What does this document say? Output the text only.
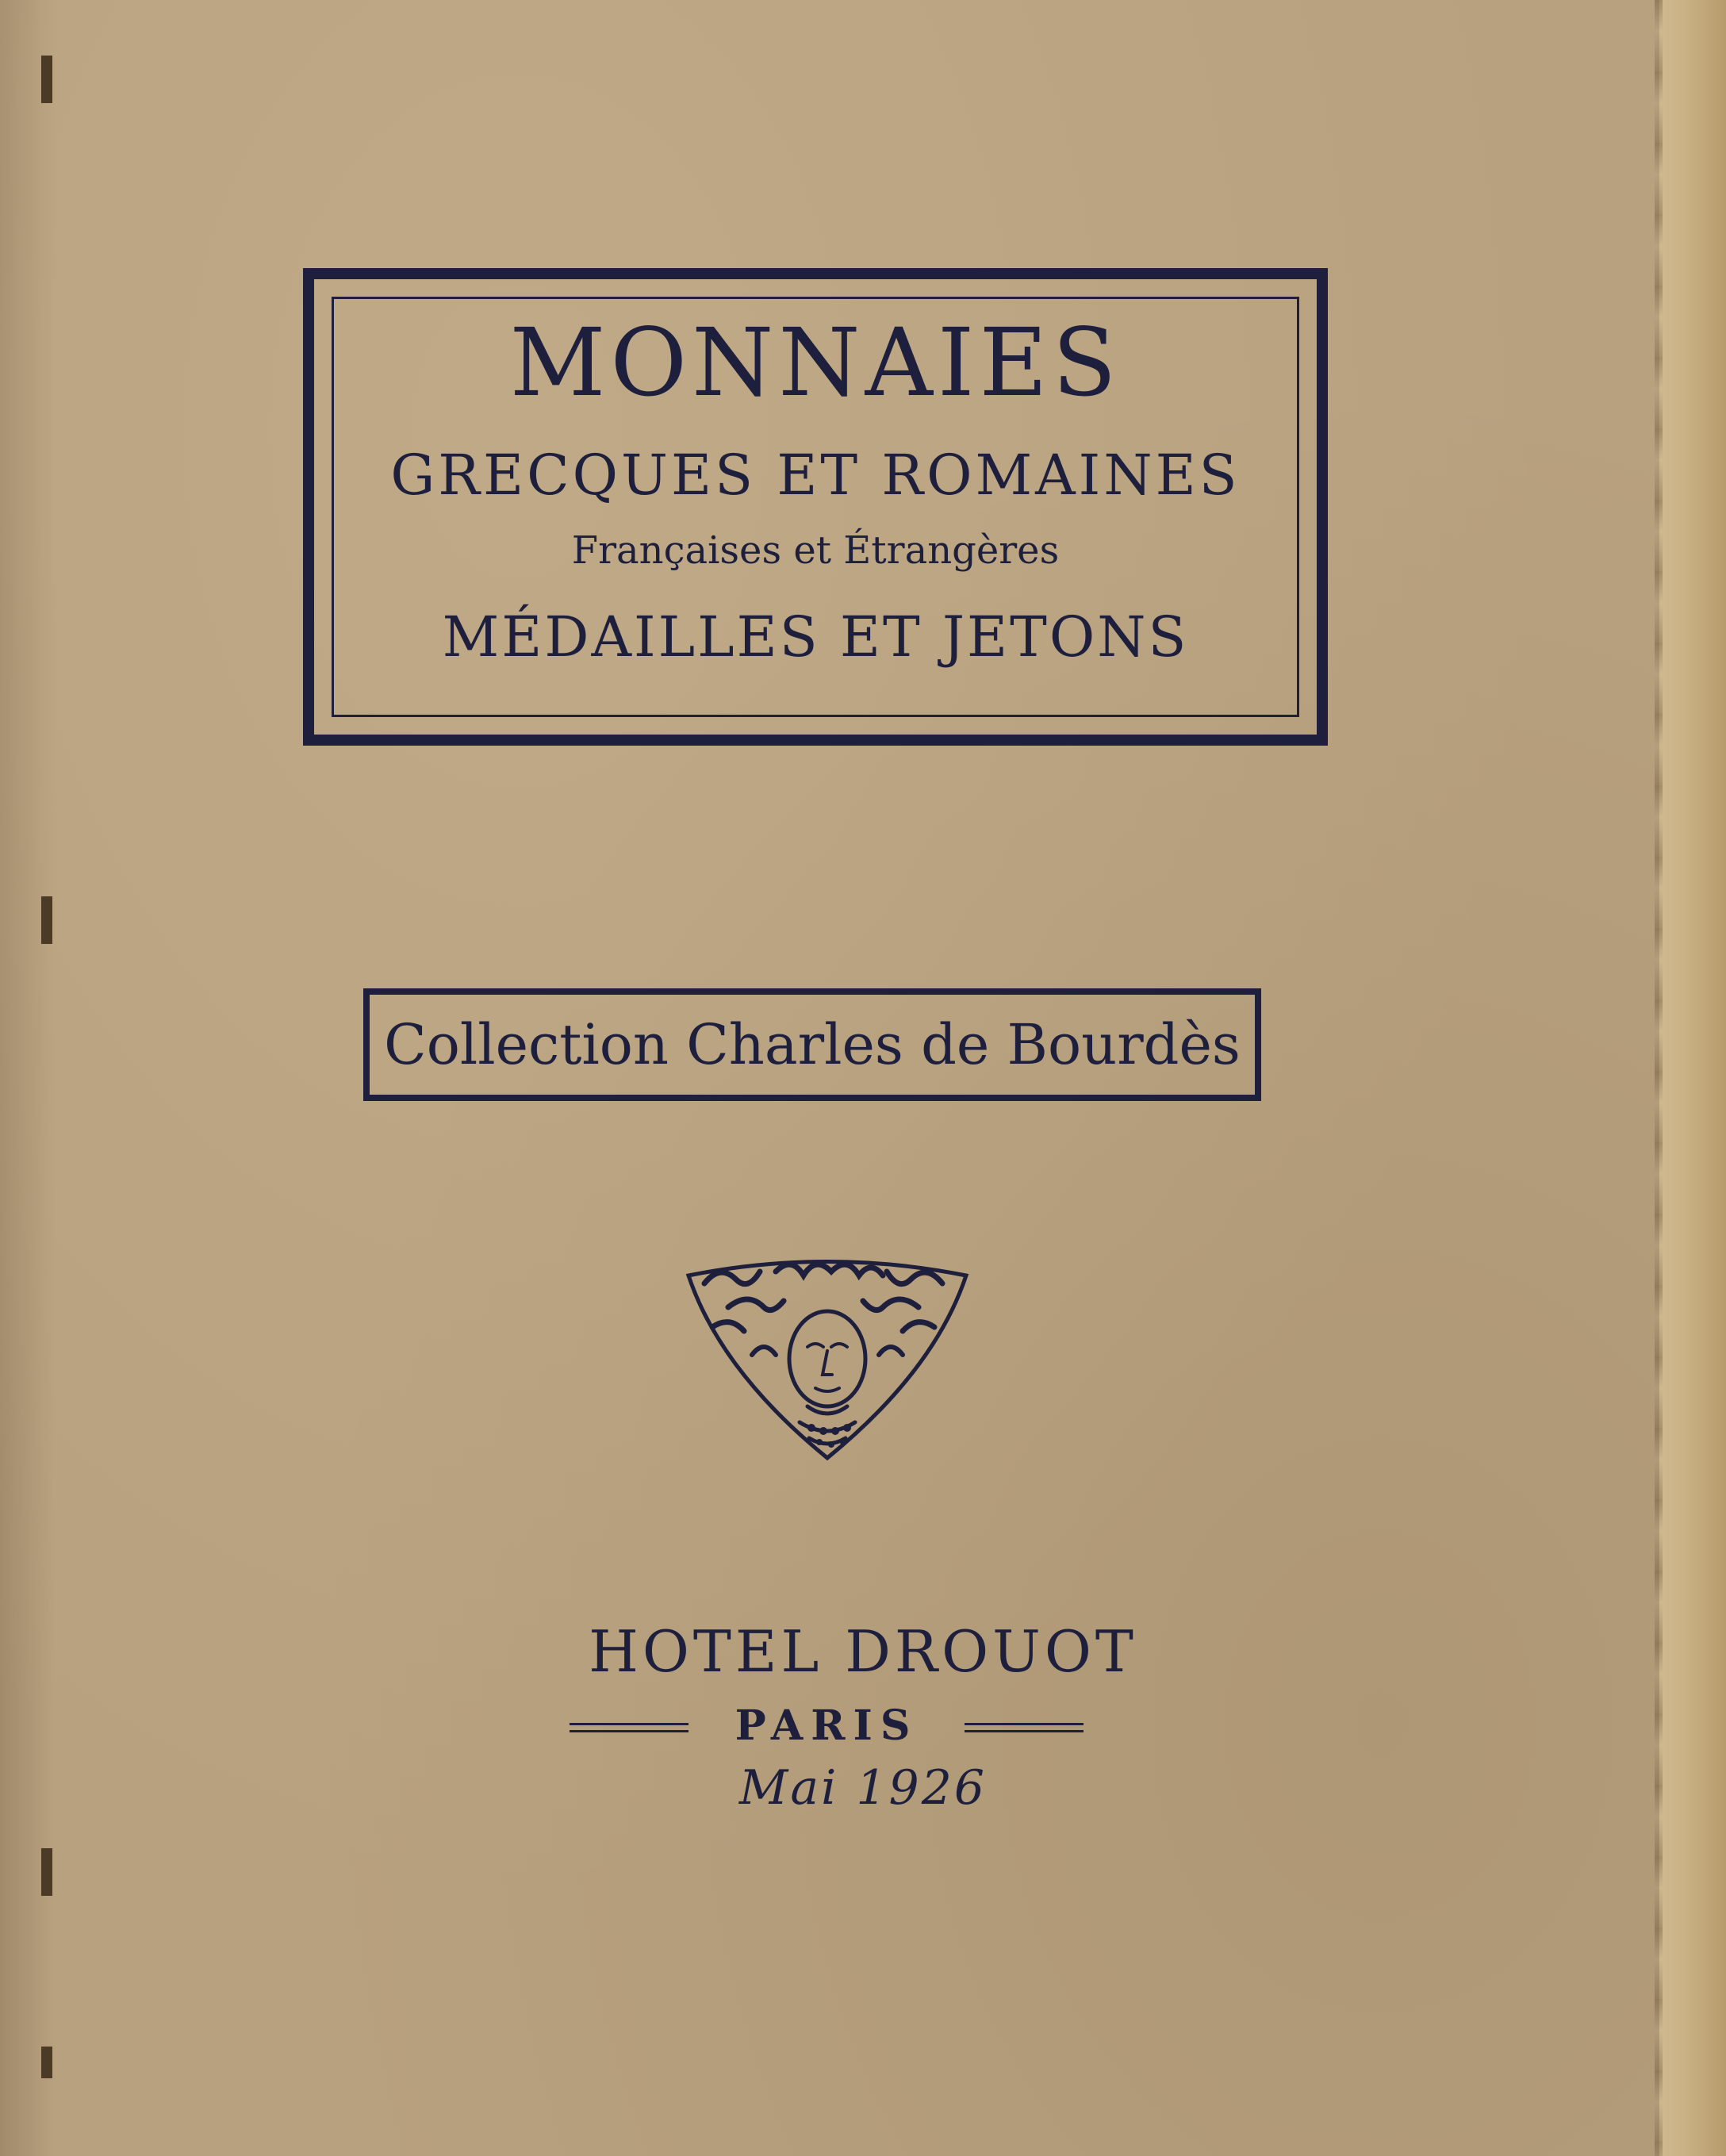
MONNAIES
GRECQUES ET ROMAINES
Françaises et Étrangères
MÉDAILLES ET JETONS
Collection Charles de Bourdès
HOTEL DROUOT
PARIS
Mai 1926
